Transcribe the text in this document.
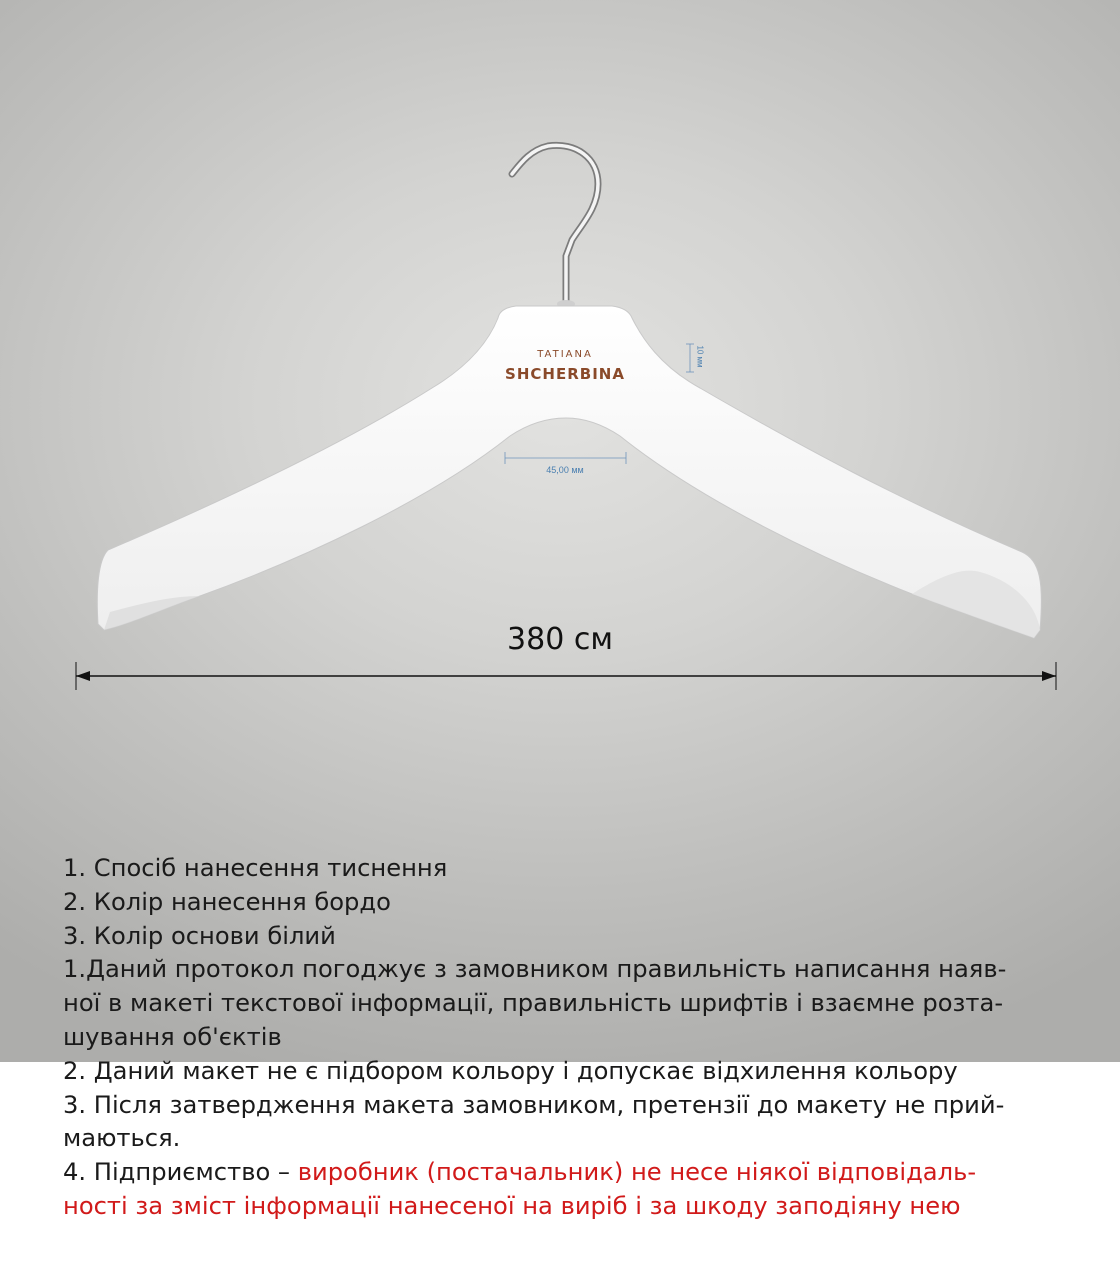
TATIANA
SHCHERBINA
45,00 мм
10 мм
380 см
1. Спосіб нанесення тиснення
2. Колір нанесення бордо
3. Колір основи білий
1.Даний протокол погоджує з замовником правильність написання наяв-
ної в макеті текстової інформації, правильність шрифтів і взаємне розта-
шування об'єктів
2. Даний макет не є підбором кольору і допускає відхилення кольору
3. Після затвердження макета замовником, претензії до макету не прий-
маються.
4. Підприємство – виробник (постачальник) не несе ніякої відповідаль-
ності за зміст інформації нанесеної на виріб і за шкоду заподіяну нею
